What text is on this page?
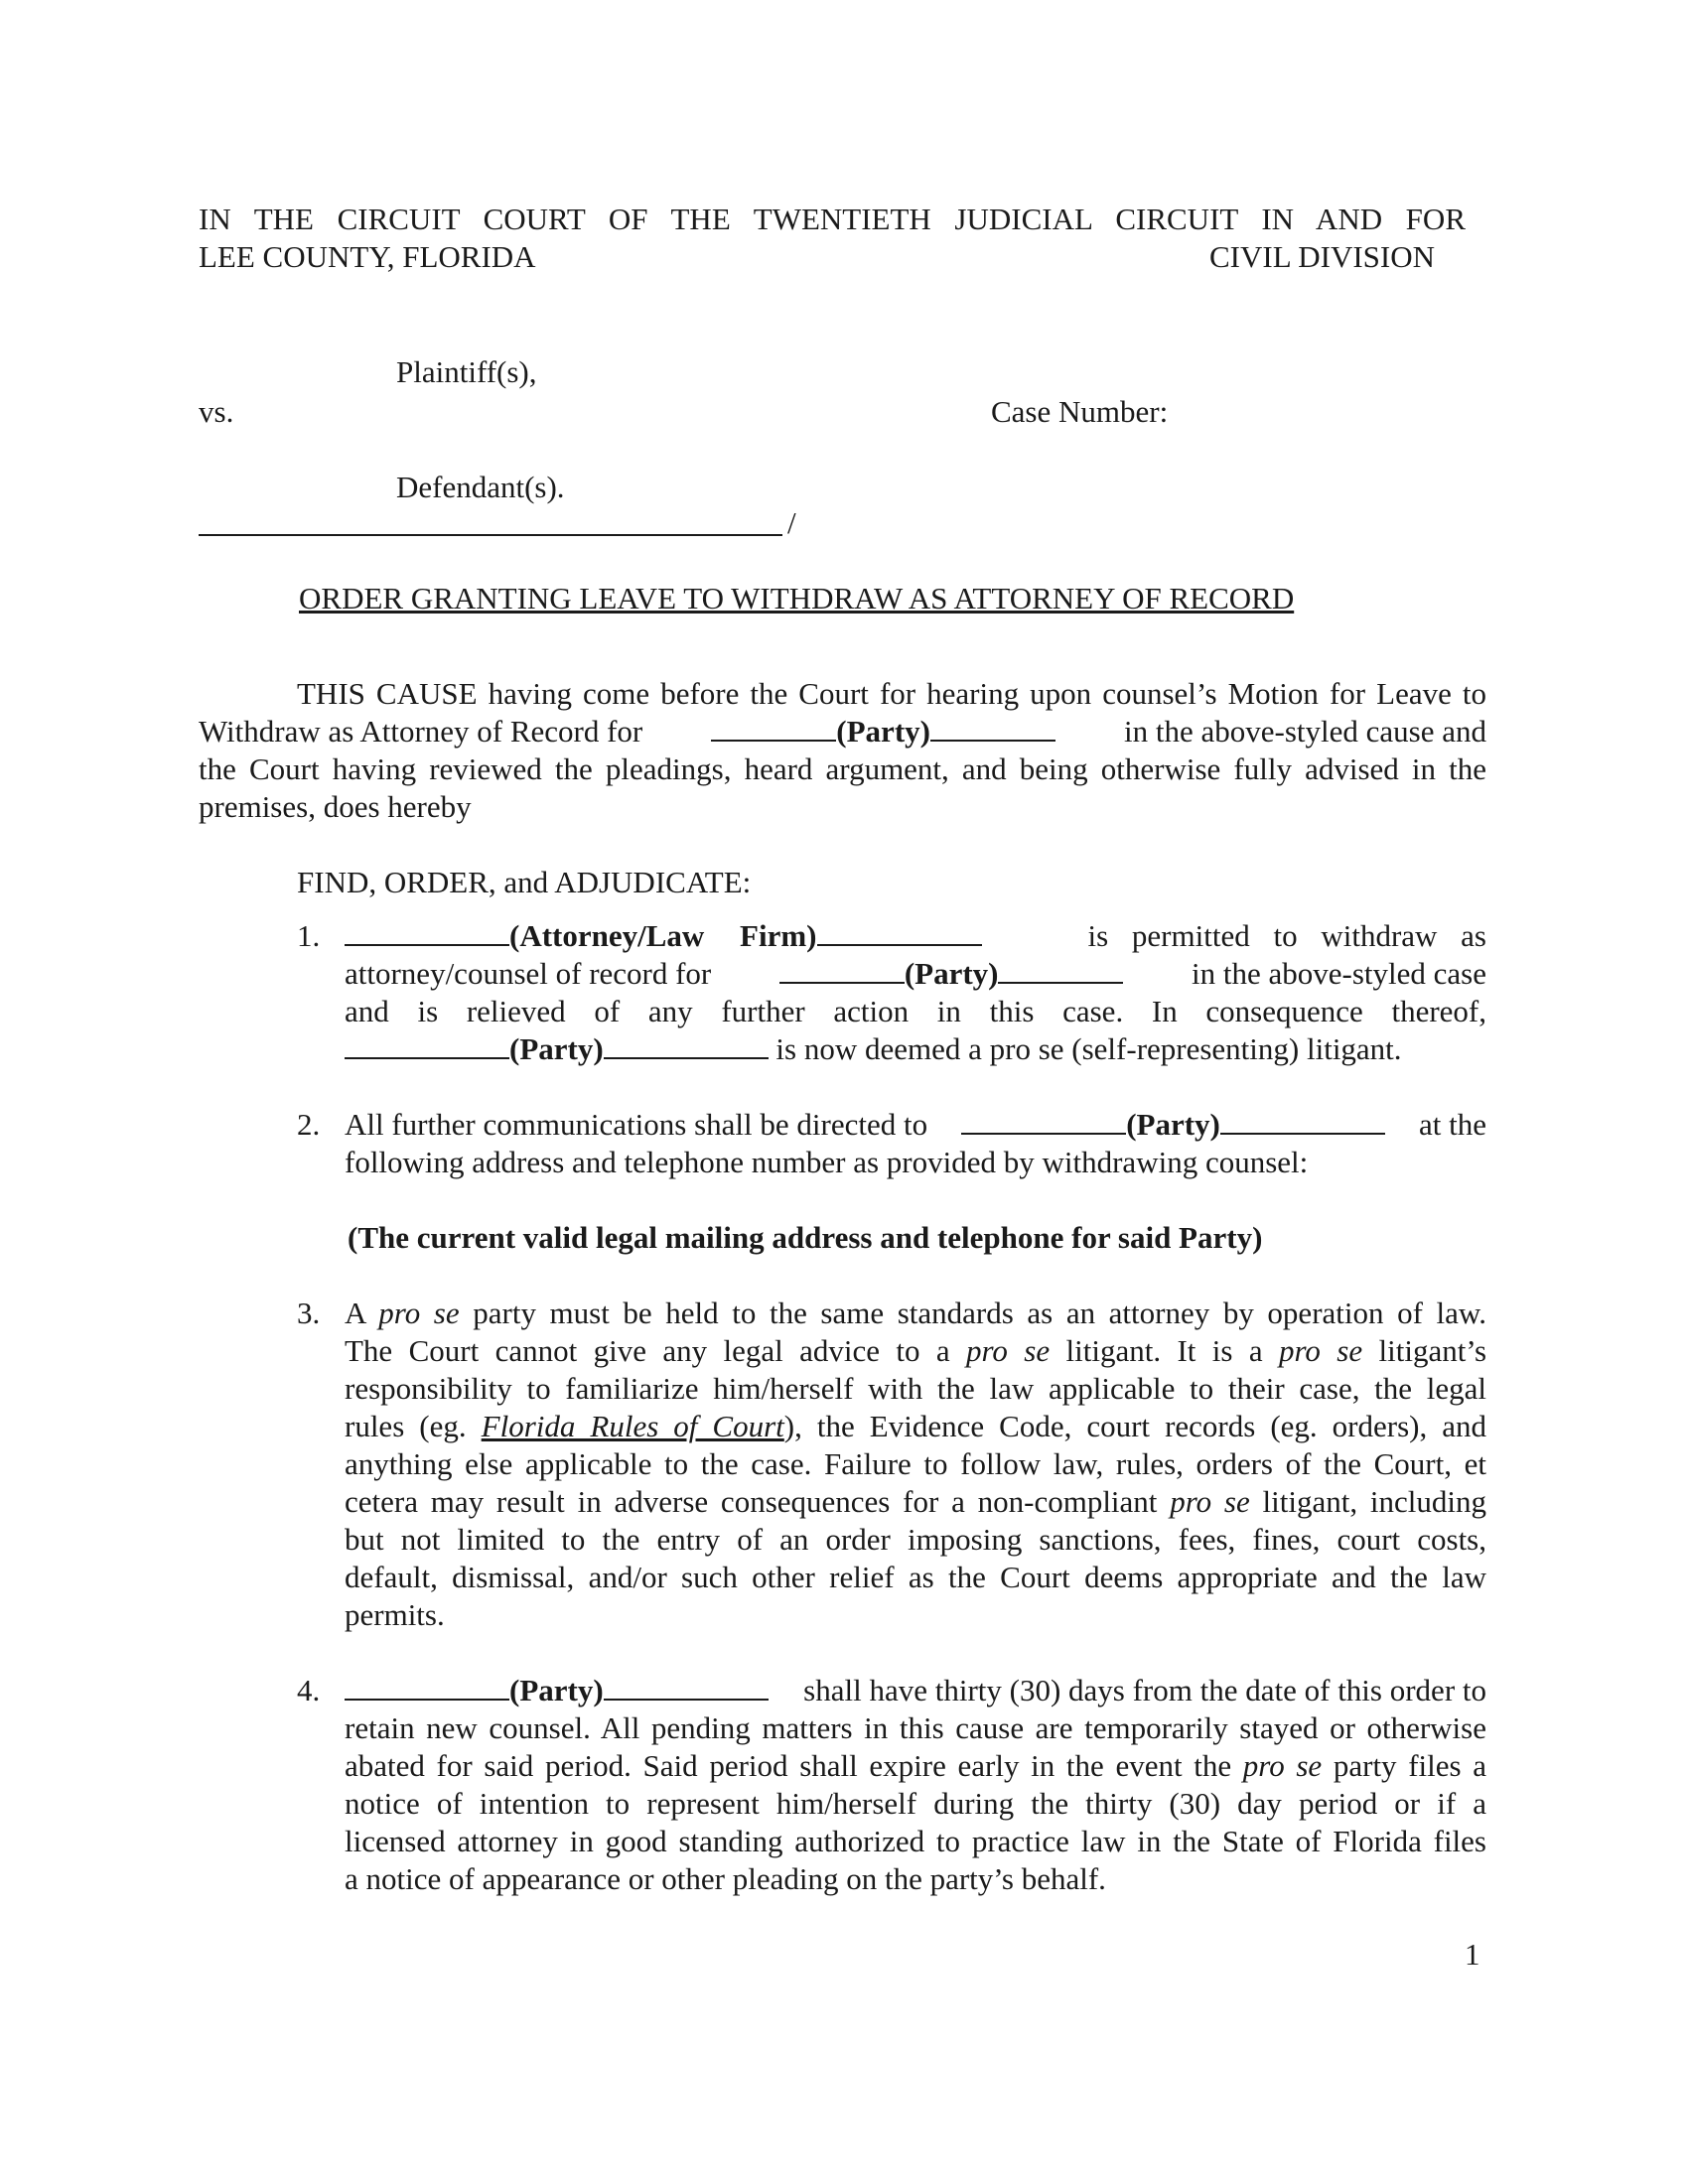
IN THE CIRCUIT COURT OF THE TWENTIETH JUDICIAL CIRCUIT IN AND FOR
LEE COUNTY, FLORIDA	CIVIL DIVISION
Plaintiff(s),
vs.	Case Number:
Defendant(s).
/
ORDER GRANTING LEAVE TO WITHDRAW AS ATTORNEY OF RECORD
THIS CAUSE having come before the Court for hearing upon counsel’s Motion for Leave to
Withdraw as Attorney of Record for	(Party)	in the above-styled cause and
the Court having reviewed the pleadings, heard argument, and being otherwise fully advised in the
premises, does hereby
FIND, ORDER, and ADJUDICATE:
1.	(Attorney/Law Firm)	is permitted to withdraw as
attorney/counsel of record for	(Party)	in the above-styled case
and is relieved of any further action in this case. In consequence thereof,
(Party)	is now deemed a pro se (self-representing) litigant.
2. All further communications shall be directed to	(Party)	at the
following address and telephone number as provided by withdrawing counsel:
(The current valid legal mailing address and telephone for said Party)
3. A pro se party must be held to the same standards as an attorney by operation of law.
The Court cannot give any legal advice to a pro se litigant. It is a pro se litigant’s
responsibility to familiarize him/herself with the law applicable to their case, the legal
rules (eg. Florida Rules of Court), the Evidence Code, court records (eg. orders), and
anything else applicable to the case. Failure to follow law, rules, orders of the Court, et
cetera may result in adverse consequences for a non-compliant pro se litigant, including
but not limited to the entry of an order imposing sanctions, fees, fines, court costs,
default, dismissal, and/or such other relief as the Court deems appropriate and the law
permits.
4.	(Party)	shall have thirty (30) days from the date of this order to
retain new counsel. All pending matters in this cause are temporarily stayed or otherwise
abated for said period. Said period shall expire early in the event the pro se party files a
notice of intention to represent him/herself during the thirty (30) day period or if a
licensed attorney in good standing authorized to practice law in the State of Florida files
a notice of appearance or other pleading on the party’s behalf.
1
